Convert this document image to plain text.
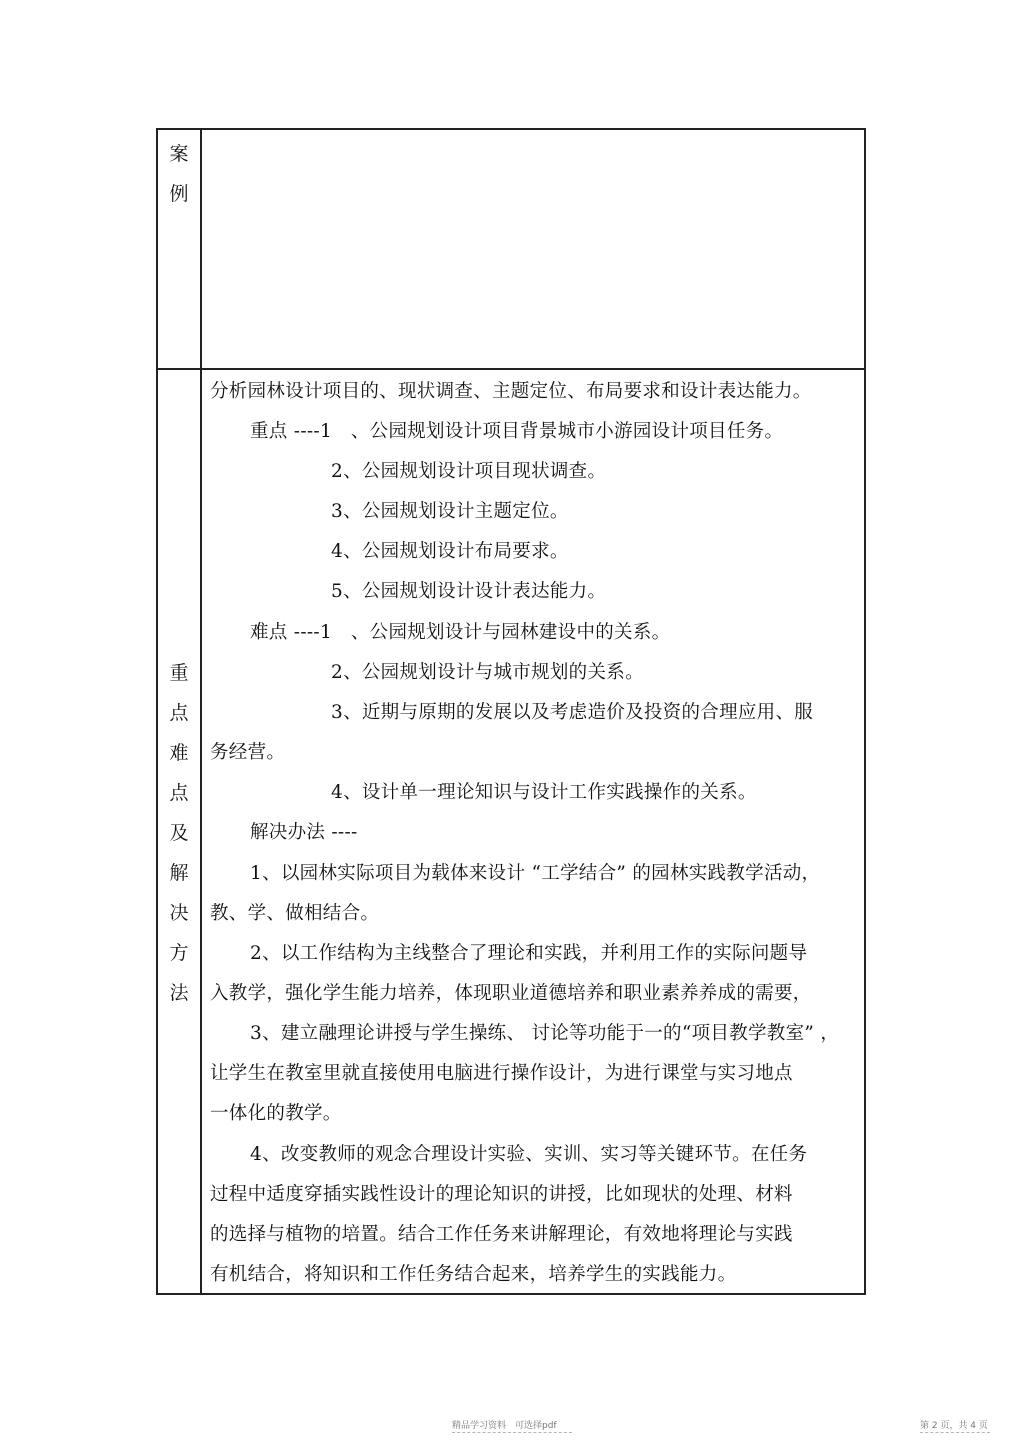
案
例
重
点
难
点
及
解
决
方
法
分析园林设计项目的、现状调查、主题定位、布局要求和设计表达能力。
重点 ----1　、公园规划设计项目背景城市小游园设计项目任务。
2、公园规划设计项目现状调查。
3、公园规划设计主题定位。
4、公园规划设计布局要求。
5、公园规划设计设计表达能力。
难点 ----1　、公园规划设计与园林建设中的关系。
2、公园规划设计与城市规划的关系。
3、近期与原期的发展以及考虑造价及投资的合理应用、服
务经营。
4、设计单一理论知识与设计工作实践操作的关系。
解决办法 ----
1、以园林实际项目为载体来设计 “工学结合” 的园林实践教学活动，
教、学、做相结合。
2、以工作结构为主线整合了理论和实践，并利用工作的实际问题导
入教学，强化学生能力培养，体现职业道德培养和职业素养养成的需要，
3、建立融理论讲授与学生操练、 讨论等功能于一的“项目教学教室” ，
让学生在教室里就直接使用电脑进行操作设计，为进行课堂与实习地点
一体化的教学。
4、改变教师的观念合理设计实验、实训、实习等关键环节。在任务
过程中适度穿插实践性设计的理论知识的讲授，比如现状的处理、材料
的选择与植物的培置。结合工作任务来讲解理论，有效地将理论与实践
有机结合，将知识和工作任务结合起来，培养学生的实践能力。
精品学习资料　可选择pdf	第 2 页，共 4 页
